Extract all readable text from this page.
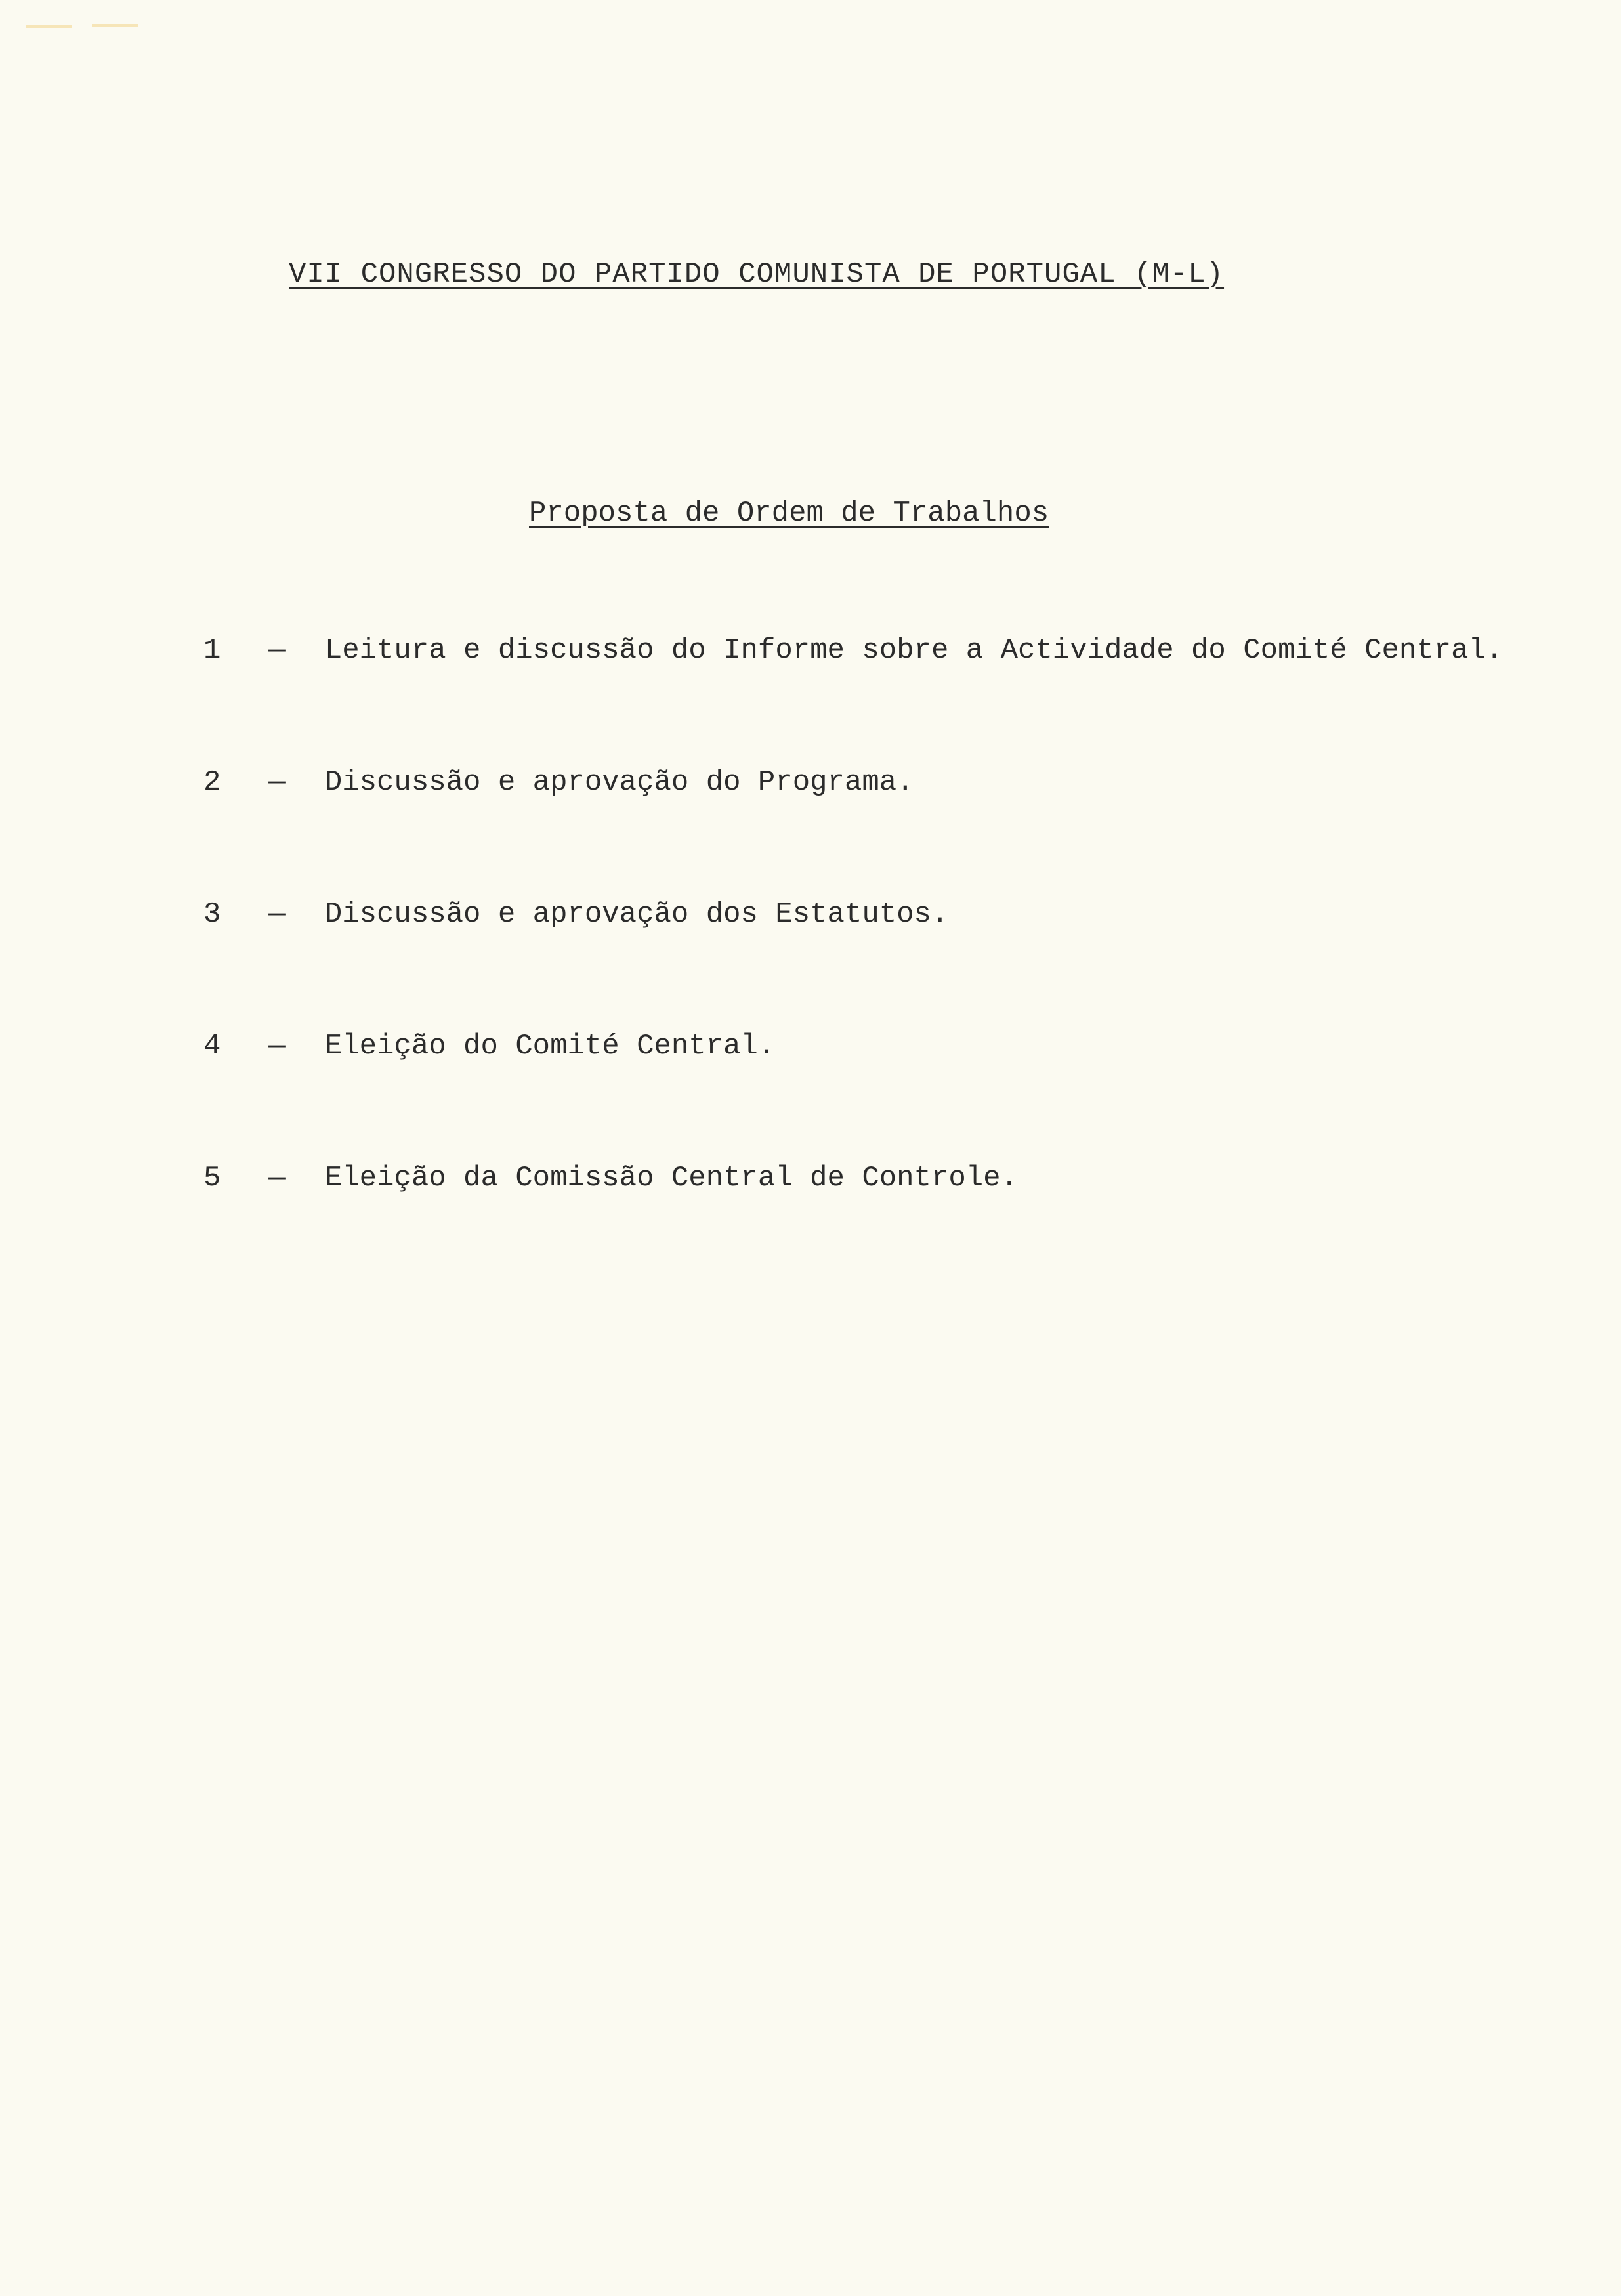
VII CONGRESSO DO PARTIDO COMUNISTA DE PORTUGAL (M-L)
Proposta de Ordem de Trabalhos
1 — Leitura e discussão do Informe sobre a Actividade do Comité Central.
2 — Discussão e aprovação do Programa.
3 — Discussão e aprovação dos Estatutos.
4 — Eleição do Comité Central.
5 — Eleição da Comissão Central de Controle.
